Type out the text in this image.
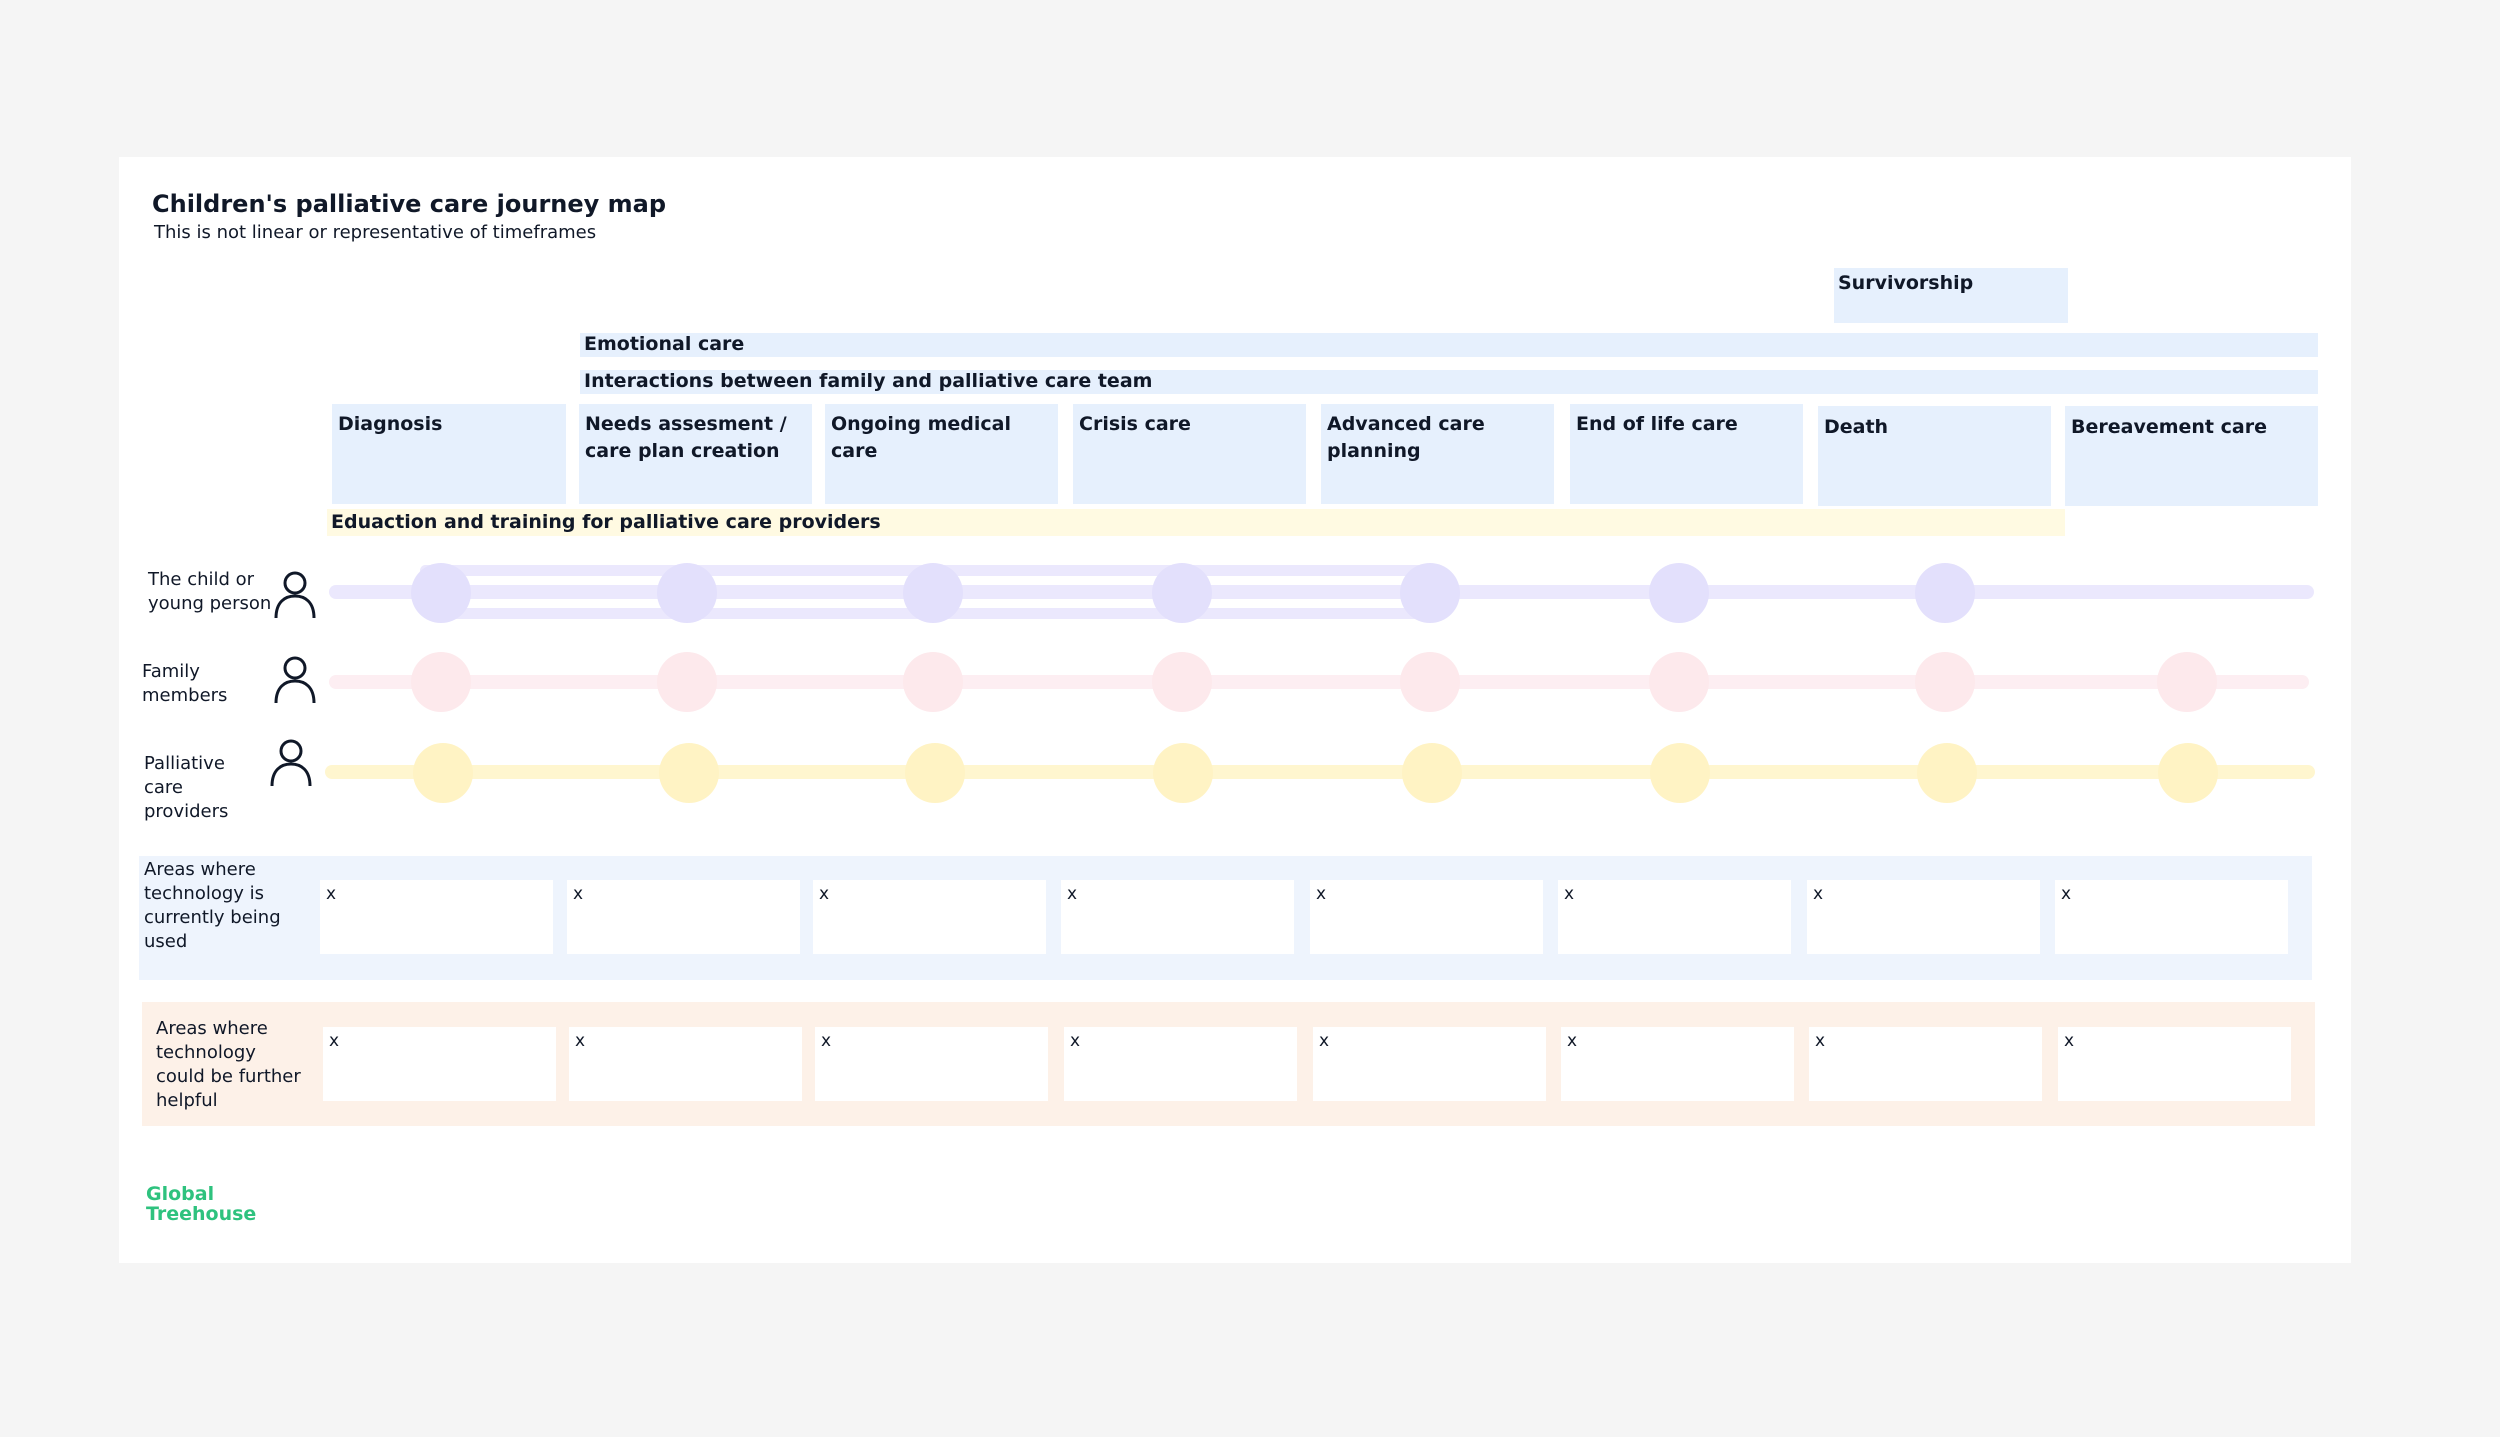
Children's palliative care journey map
This is not linear or representative of timeframes
Survivorship
Emotional care
Interactions between family and palliative care team
Diagnosis	Needs assesment / care plan creation
Ongoing medical care
Crisis care	Advanced care planning
End of life care	Death	Bereavement care
Eduaction and training for palliative care providers
The child or young person
Family members
Palliative care providers
Areas where technology is currently being used
x	x	x	x	x	x	x	x
Areas where technology could be further helpful
x	x	x	x	x	x	x	x
Global
Treehouse
